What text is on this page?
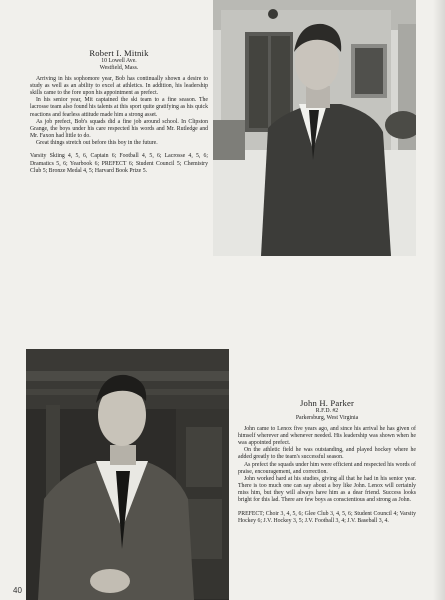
Robert I. Mitnik
10 Lowell Ave.
Westfield, Mass.

Arriving in his sophomore year, Bob has continually shown a desire to study as well as an ability to excel at athletics. In addition, his leadership skills came to the fore upon his appointment as prefect.

In his senior year, Mit captained the ski team to a fine season. The lacrosse team also found his talents at this sport quite gratifying as his quick reactions and fearless attitude made him a strong asset.

As job prefect, Bob's squads did a fine job around school. In Clipston Grange, the boys under his care respected his words and Mr. Rutledge and Mr. Faxon had little to do.

Great things stretch out before this boy in the future.

Varsity Skiing 4, 5, 6, Captain 6; Football 4, 5, 6; Lacrosse 4, 5, 6; Dramatics 5, 6; Yearbook 6; PREFECT 6; Student Council 5; Chemistry Club 5; Bronze Medal 4, 5; Harvard Book Prize 5.
John H. Parker
R.F.D. #2
Parkersburg, West Virginia

John came to Lenox five years ago, and since his arrival he has given of himself wherever and whenever needed. His leadership was shown when he was appointed prefect.

On the athletic field he was outstanding, and played hockey where he added greatly to the team's successful season.

As prefect the squads under him were efficient and respected his words of praise, encouragement, and correction.

John worked hard at his studies, giving all that he had in his senior year. There is too much one can say about a boy like John. Lenox will certainly miss him, but they will always have him as a dear friend. Success looks bright for this lad. There are few boys as conscientious and strong as John.

PREFECT; Choir 3, 4, 5, 6; Glee Club 3, 4, 5, 6; Student Council 4; Varsity Hockey 6; J.V. Hockey 3, 5; J.V. Football 3, 4; J.V. Baseball 3, 4.
40
